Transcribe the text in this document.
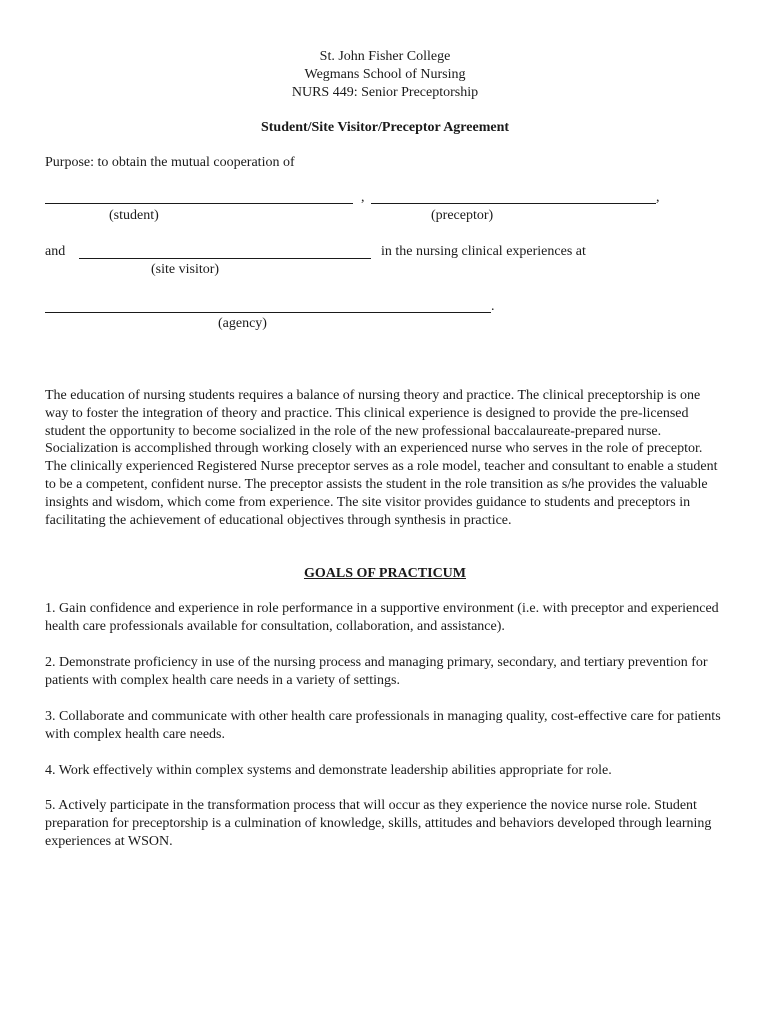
St. John Fisher College
Wegmans School of Nursing
NURS 449: Senior Preceptorship
Student/Site Visitor/Preceptor Agreement
Purpose: to obtain the mutual cooperation of
,	,
(student)	(preceptor)
and	in the nursing clinical experiences at
(site visitor)
.
(agency)
The education of nursing students requires a balance of nursing theory and practice. The clinical preceptorship is one way to foster the integration of theory and practice. This clinical experience is designed to provide the pre-licensed student the opportunity to become socialized in the role of the new professional baccalaureate-prepared nurse. Socialization is accomplished through working closely with an experienced nurse who serves in the role of preceptor. The clinically experienced Registered Nurse preceptor serves as a role model, teacher and consultant to enable a student to be a competent, confident nurse. The preceptor assists the student in the role transition as s/he provides the valuable insights and wisdom, which come from experience. The site visitor provides guidance to students and preceptors in facilitating the achievement of educational objectives through synthesis in practice.
GOALS OF PRACTICUM
1. Gain confidence and experience in role performance in a supportive environment (i.e. with preceptor and experienced health care professionals available for consultation, collaboration, and assistance).
2. Demonstrate proficiency in use of the nursing process and managing primary, secondary, and tertiary prevention for patients with complex health care needs in a variety of settings.
3. Collaborate and communicate with other health care professionals in managing quality, cost-effective care for patients with complex health care needs.
4. Work effectively within complex systems and demonstrate leadership abilities appropriate for role.
5. Actively participate in the transformation process that will occur as they experience the novice nurse role. Student preparation for preceptorship is a culmination of knowledge, skills, attitudes and behaviors developed through learning experiences at WSON.
